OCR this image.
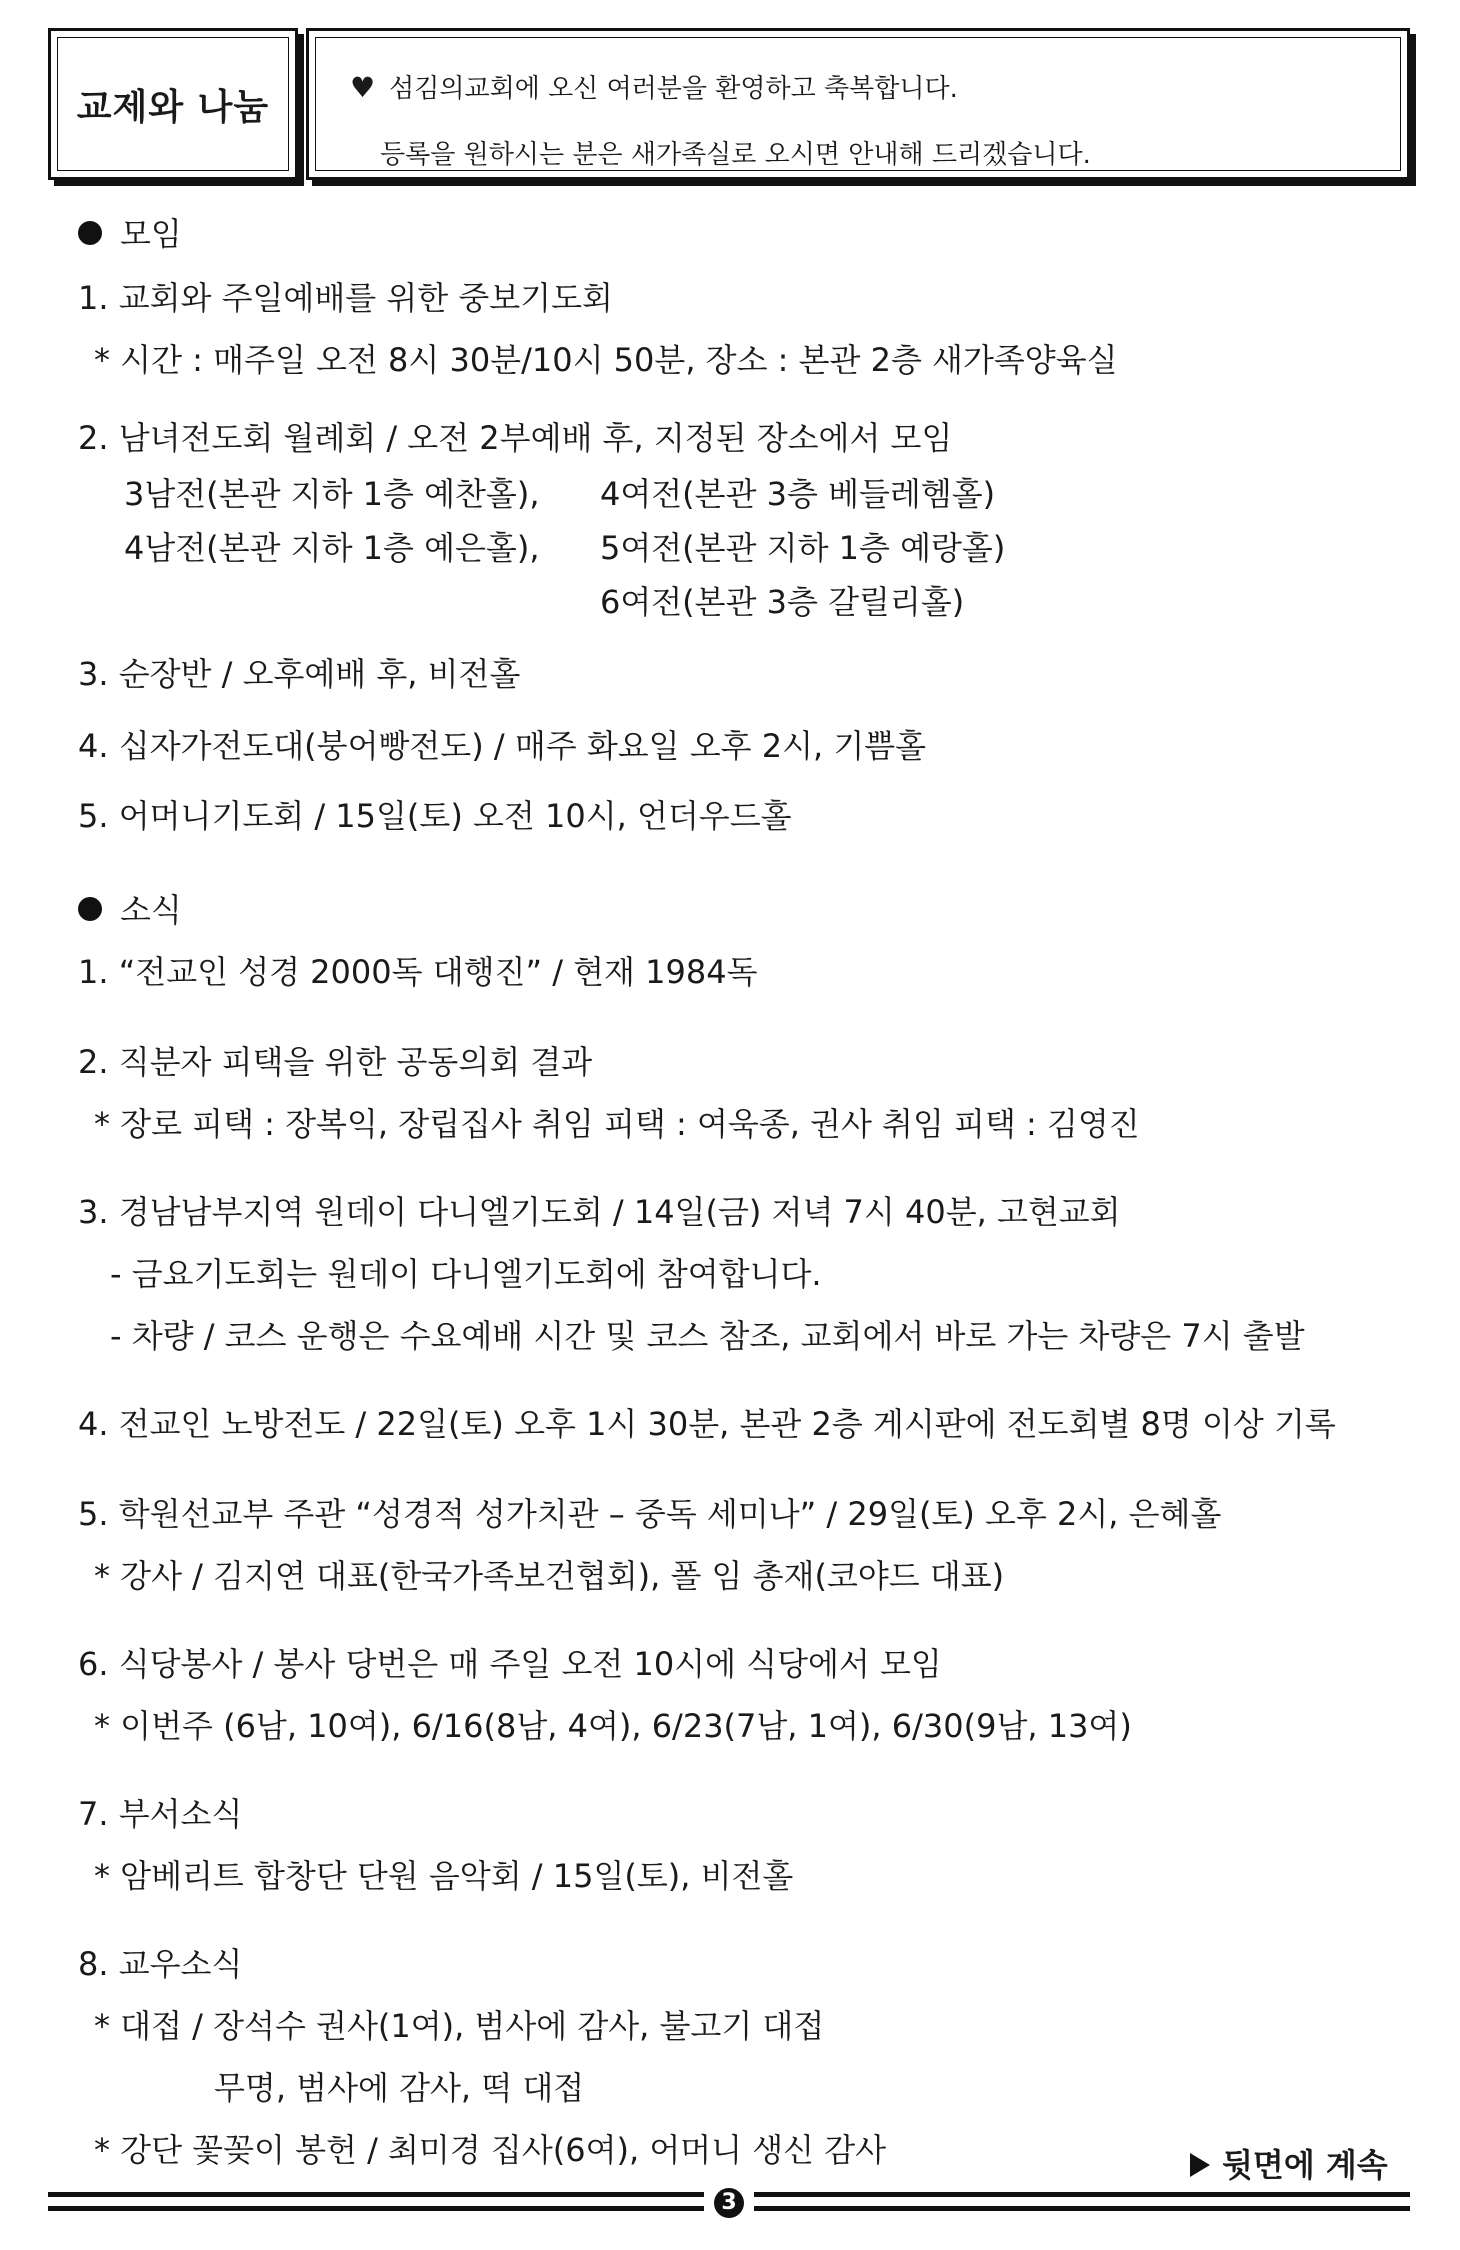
교제와 나눔	♥ 섬김의교회에 오신 여러분을 환영하고 축복합니다.
등록을 원하시는 분은 새가족실로 오시면 안내해 드리겠습니다.
모임
1. 교회와 주일예배를 위한 중보기도회
* 시간 : 매주일 오전 8시 30분/10시 50분, 장소 : 본관 2층 새가족양육실
2. 남녀전도회 월례회 / 오전 2부예배 후, 지정된 장소에서 모임
3남전(본관 지하 1층 예찬홀), 4여전(본관 3층 베들레헴홀)
4남전(본관 지하 1층 예은홀), 5여전(본관 지하 1층 예랑홀)
6여전(본관 3층 갈릴리홀)
3. 순장반 / 오후예배 후, 비전홀
4. 십자가전도대(붕어빵전도) / 매주 화요일 오후 2시, 기쁨홀
5. 어머니기도회 / 15일(토) 오전 10시, 언더우드홀
소식
1. “전교인 성경 2000독 대행진” / 현재 1984독
2. 직분자 피택을 위한 공동의회 결과
* 장로 피택 : 장복익, 장립집사 취임 피택 : 여욱종, 권사 취임 피택 : 김영진
3. 경남남부지역 원데이 다니엘기도회 / 14일(금) 저녁 7시 40분, 고현교회
- 금요기도회는 원데이 다니엘기도회에 참여합니다.
- 차량 / 코스 운행은 수요예배 시간 및 코스 참조, 교회에서 바로 가는 차량은 7시 출발
4. 전교인 노방전도 / 22일(토) 오후 1시 30분, 본관 2층 게시판에 전도회별 8명 이상 기록
5. 학원선교부 주관 “성경적 성가치관 – 중독 세미나” / 29일(토) 오후 2시, 은혜홀
* 강사 / 김지연 대표(한국가족보건협회), 폴 임 총재(코야드 대표)
6. 식당봉사 / 봉사 당번은 매 주일 오전 10시에 식당에서 모임
* 이번주 (6남, 10여), 6/16(8남, 4여), 6/23(7남, 1여), 6/30(9남, 13여)
7. 부서소식
* 암베리트 합창단 단원 음악회 / 15일(토), 비전홀
8. 교우소식
* 대접 / 장석수 권사(1여), 범사에 감사, 불고기 대접
무명, 범사에 감사, 떡 대접
* 강단 꽃꽂이 봉헌 / 최미경 집사(6여), 어머니 생신 감사	뒷면에 계속
3
